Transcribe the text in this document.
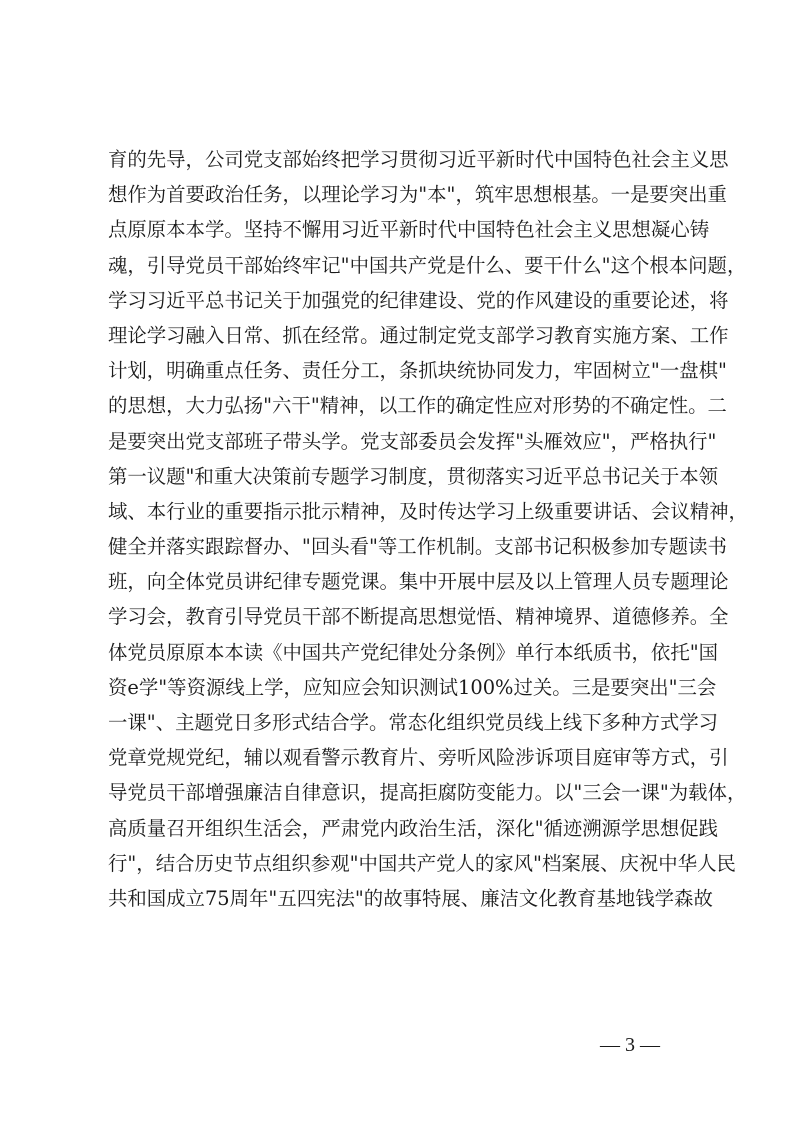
育的先导，公司党支部始终把学习贯彻习近平新时代中国特色社会主义思
想作为首要政治任务，以理论学习为"本"，筑牢思想根基。一是要突出重
点原原本本学。坚持不懈用习近平新时代中国特色社会主义思想凝心铸
魂，引导党员干部始终牢记"中国共产党是什么、要干什么"这个根本问题，
学习习近平总书记关于加强党的纪律建设、党的作风建设的重要论述，将
理论学习融入日常、抓在经常。通过制定党支部学习教育实施方案、工作
计划，明确重点任务、责任分工，条抓块统协同发力，牢固树立"一盘棋"
的思想，大力弘扬"六干"精神，以工作的确定性应对形势的不确定性。二
是要突出党支部班子带头学。党支部委员会发挥"头雁效应"，严格执行"
第一议题"和重大决策前专题学习制度，贯彻落实习近平总书记关于本领
域、本行业的重要指示批示精神，及时传达学习上级重要讲话、会议精神，
健全并落实跟踪督办、"回头看"等工作机制。支部书记积极参加专题读书
班，向全体党员讲纪律专题党课。集中开展中层及以上管理人员专题理论
学习会，教育引导党员干部不断提高思想觉悟、精神境界、道德修养。全
体党员原原本本读《中国共产党纪律处分条例》单行本纸质书，依托"国
资e学"等资源线上学，应知应会知识测试100%过关。三是要突出"三会
一课"、主题党日多形式结合学。常态化组织党员线上线下多种方式学习
党章党规党纪，辅以观看警示教育片、旁听风险涉诉项目庭审等方式，引
导党员干部增强廉洁自律意识，提高拒腐防变能力。以"三会一课"为载体，
高质量召开组织生活会，严肃党内政治生活，深化"循迹溯源学思想促践
行"，结合历史节点组织参观"中国共产党人的家风"档案展、庆祝中华人民
共和国成立75周年"五四宪法"的故事特展、廉洁文化教育基地钱学森故
— 3 —
